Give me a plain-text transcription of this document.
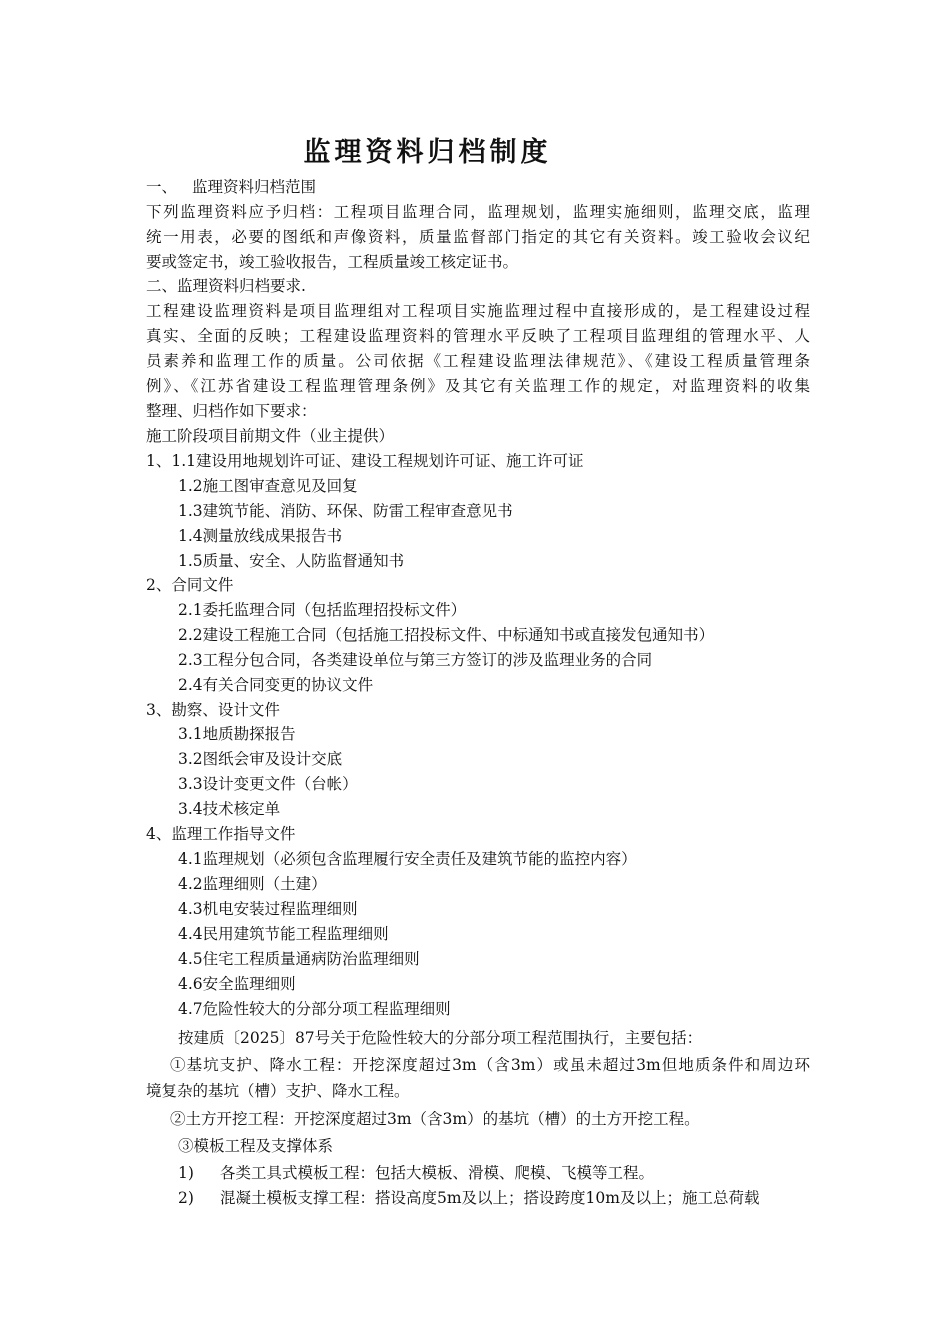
监理资料归档制度
一、 监理资料归档范围
下列监理资料应予归档：工程项目监理合同，监理规划，监理实施细则，监理交底，监理
统一用表，必要的图纸和声像资料，质量监督部门指定的其它有关资料。竣工验收会议纪
要或签定书，竣工验收报告，工程质量竣工核定证书。
二、监理资料归档要求.
工程建设监理资料是项目监理组对工程项目实施监理过程中直接形成的，是工程建设过程
真实、全面的反映；工程建设监理资料的管理水平反映了工程项目监理组的管理水平、人
员素养和监理工作的质量。公司依据《工程建设监理法律规范》、《建设工程质量管理条
例》、《江苏省建设工程监理管理条例》及其它有关监理工作的规定，对监理资料的收集
整理、归档作如下要求：
施工阶段项目前期文件（业主提供）
1、1.1建设用地规划许可证、建设工程规划许可证、施工许可证
1.2施工图审查意见及回复
1.3建筑节能、消防、环保、防雷工程审查意见书
1.4测量放线成果报告书
1.5质量、安全、人防监督通知书
2、合同文件
2.1委托监理合同（包括监理招投标文件）
2.2建设工程施工合同（包括施工招投标文件、中标通知书或直接发包通知书）
2.3工程分包合同，各类建设单位与第三方签订的涉及监理业务的合同
2.4有关合同变更的协议文件
3、勘察、设计文件
3.1地质勘探报告
3.2图纸会审及设计交底
3.3设计变更文件（台帐）
3.4技术核定单
4、监理工作指导文件
4.1监理规划（必须包含监理履行安全责任及建筑节能的监控内容）
4.2监理细则（土建）
4.3机电安装过程监理细则
4.4民用建筑节能工程监理细则
4.5住宅工程质量通病防治监理细则
4.6安全监理细则
4.7危险性较大的分部分项工程监理细则
按建质〔2025〕87号关于危险性较大的分部分项工程范围执行，主要包括：
①基坑支护、降水工程：开挖深度超过3m（含3m）或虽未超过3m但地质条件和周边环
境复杂的基坑（槽）支护、降水工程。
②土方开挖工程：开挖深度超过3m（含3m）的基坑（槽）的土方开挖工程。
③模板工程及支撑体系
1) 各类工具式模板工程：包括大模板、滑模、爬模、飞模等工程。
2) 混凝土模板支撑工程：搭设高度5m及以上；搭设跨度10m及以上；施工总荷载
